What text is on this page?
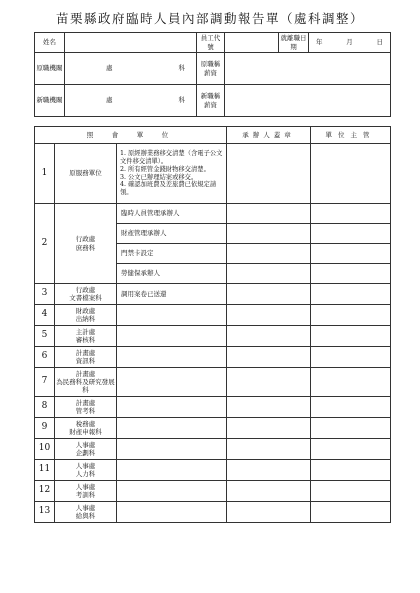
苗栗縣政府臨時人員內部調動報告單（處科調整）
姓名		員工代號		就離職日期	年 月 日

原職機關	處 科	原職稱薪資			
新職機關	處 科	新職稱薪資			
照　會　單　位			承辦人蓋章	單位主管
1	原服務單位	1. 原經辦業務移交清楚（含電子公文文件移交清單）。
2. 所有經管金錢財物移交清楚。
3. 公文已辦理結案或移交。
4. 確認加班費及差旅費已依規定請領。		

2	行政處
庶務科	臨時人員管理承辦人		
		財產管理承辦人		
		門禁卡設定		
		勞健保承辦人		
3	行政處
文書檔案科	調用案卷已送還		
4	財政處
出納科			

5	主計處
審核科			

6	計畫處
資訊科			

7	計畫處
為民務科及研究發展科			

8	計畫處
管考科			

9	稅務處
財產申報科			

10	人事處
企劃科			

11	人事處
人力科			

12	人事處
考訓科			

13	人事處
給與科			
